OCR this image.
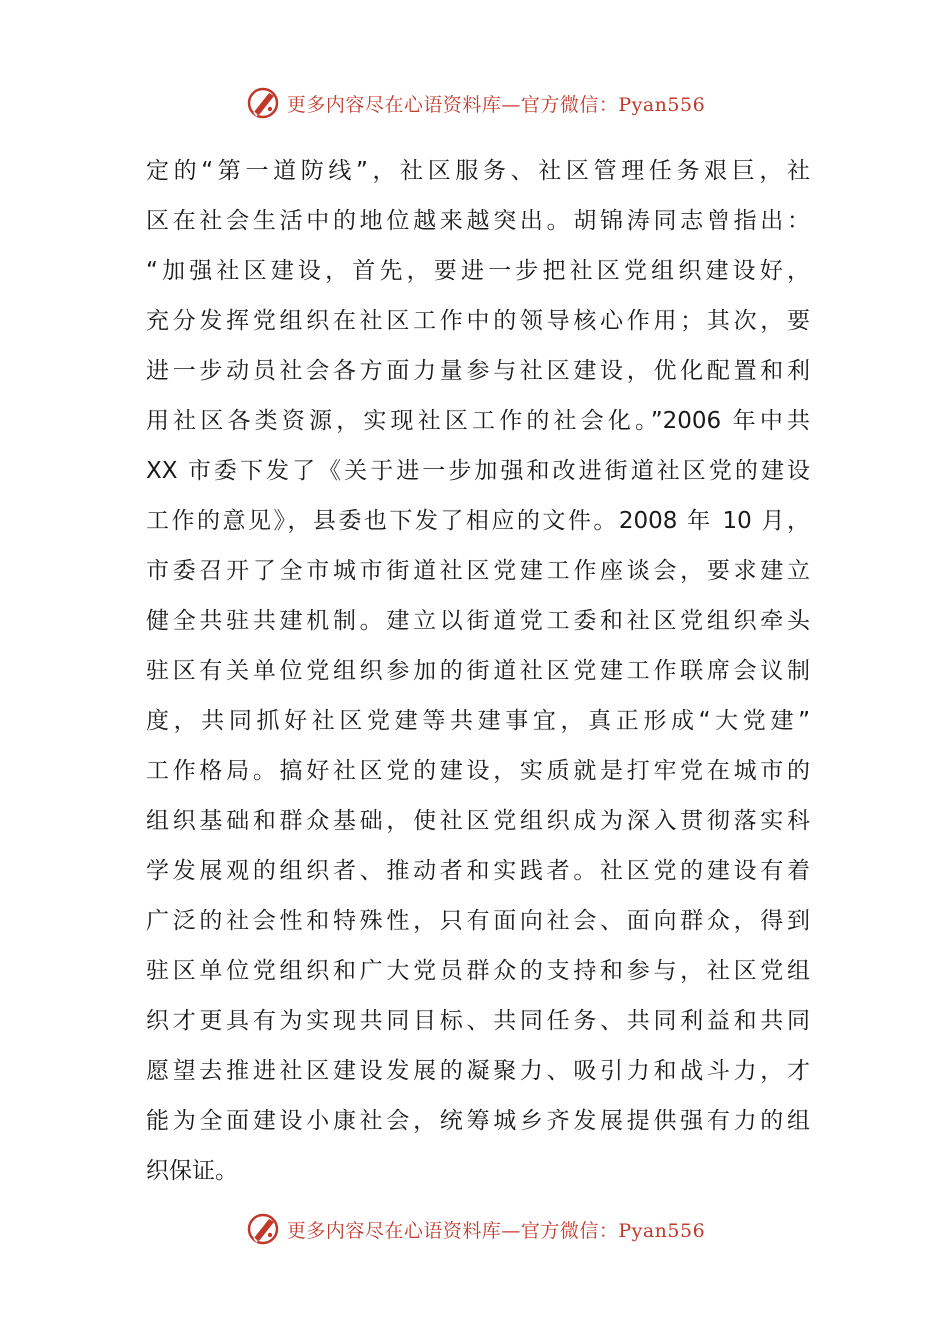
更多内容尽在心语资料库—官方微信：Pyan556
定的“第一道防线”，社区服务、社区管理任务艰巨，社
区在社会生活中的地位越来越突出。胡锦涛同志曾指出：
“加强社区建设，首先，要进一步把社区党组织建设好，
充分发挥党组织在社区工作中的领导核心作用；其次，要
进一步动员社会各方面力量参与社区建设，优化配置和利
用社区各类资源，实现社区工作的社会化。”2006 年中共
XX 市委下发了《关于进一步加强和改进街道社区党的建设
工作的意见》，县委也下发了相应的文件。2008 年 10 月，
市委召开了全市城市街道社区党建工作座谈会，要求建立
健全共驻共建机制。建立以街道党工委和社区党组织牵头
驻区有关单位党组织参加的街道社区党建工作联席会议制
度，共同抓好社区党建等共建事宜，真正形成“大党建”
工作格局。搞好社区党的建设，实质就是打牢党在城市的
组织基础和群众基础，使社区党组织成为深入贯彻落实科
学发展观的组织者、推动者和实践者。社区党的建设有着
广泛的社会性和特殊性，只有面向社会、面向群众，得到
驻区单位党组织和广大党员群众的支持和参与，社区党组
织才更具有为实现共同目标、共同任务、共同利益和共同
愿望去推进社区建设发展的凝聚力、吸引力和战斗力，才
能为全面建设小康社会，统筹城乡齐发展提供强有力的组
织保证。
更多内容尽在心语资料库—官方微信：Pyan556
